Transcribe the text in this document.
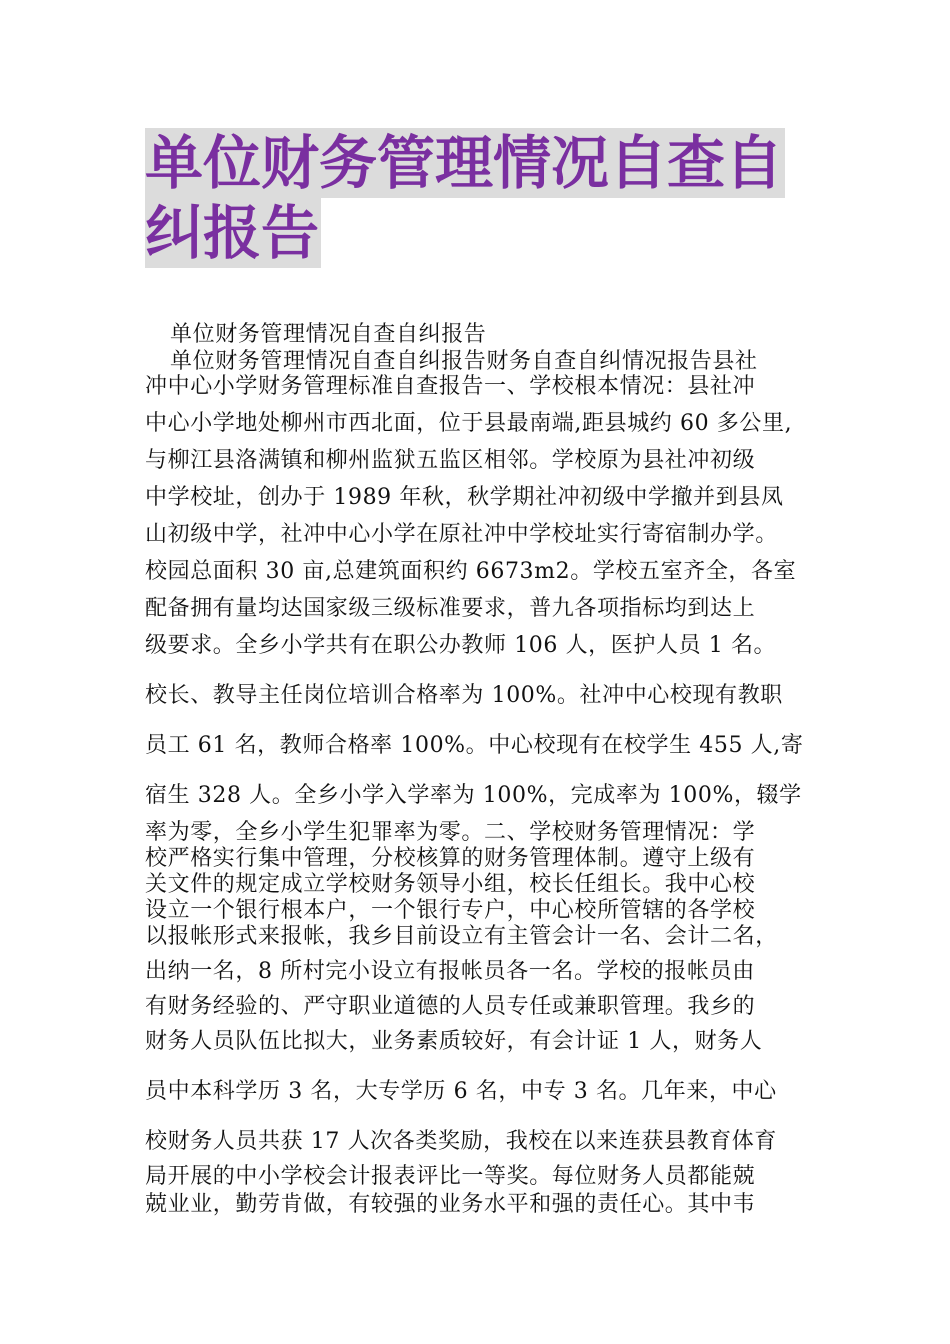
单位财务管理情况自查自
纠报告
单位财务管理情况自查自纠报告
单位财务管理情况自查自纠报告财务自查自纠情况报告县社
冲中心小学财务管理标准自查报告一、学校根本情况：县社冲
中心小学地处柳州市西北面，位于县最南端,距县城约 60 多公里,
与柳江县洛满镇和柳州监狱五监区相邻。学校原为县社冲初级
中学校址，创办于 1989 年秋，秋学期社冲初级中学撤并到县凤
山初级中学，社冲中心小学在原社冲中学校址实行寄宿制办学。
校园总面积 30 亩,总建筑面积约 6673m2。学校五室齐全，各室
配备拥有量均达国家级三级标准要求，普九各项指标均到达上
级要求。全乡小学共有在职公办教师 106 人，医护人员 1 名。
校长、教导主任岗位培训合格率为 100%。社冲中心校现有教职
员工 61 名，教师合格率 100%。中心校现有在校学生 455 人,寄
宿生 328 人。全乡小学入学率为 100%，完成率为 100%，辍学
率为零，全乡小学生犯罪率为零。二、学校财务管理情况：学
校严格实行集中管理，分校核算的财务管理体制。遵守上级有
关文件的规定成立学校财务领导小组，校长任组长。我中心校
设立一个银行根本户，一个银行专户，中心校所管辖的各学校
以报帐形式来报帐，我乡目前设立有主管会计一名、会计二名，
出纳一名，8 所村完小设立有报帐员各一名。学校的报帐员由
有财务经验的、严守职业道德的人员专任或兼职管理。我乡的
财务人员队伍比拟大，业务素质较好，有会计证 1 人，财务人
员中本科学历 3 名，大专学历 6 名，中专 3 名。几年来，中心
校财务人员共获 17 人次各类奖励，我校在以来连获县教育体育
局开展的中小学校会计报表评比一等奖。每位财务人员都能兢
兢业业，勤劳肯做，有较强的业务水平和强的责任心。其中韦
